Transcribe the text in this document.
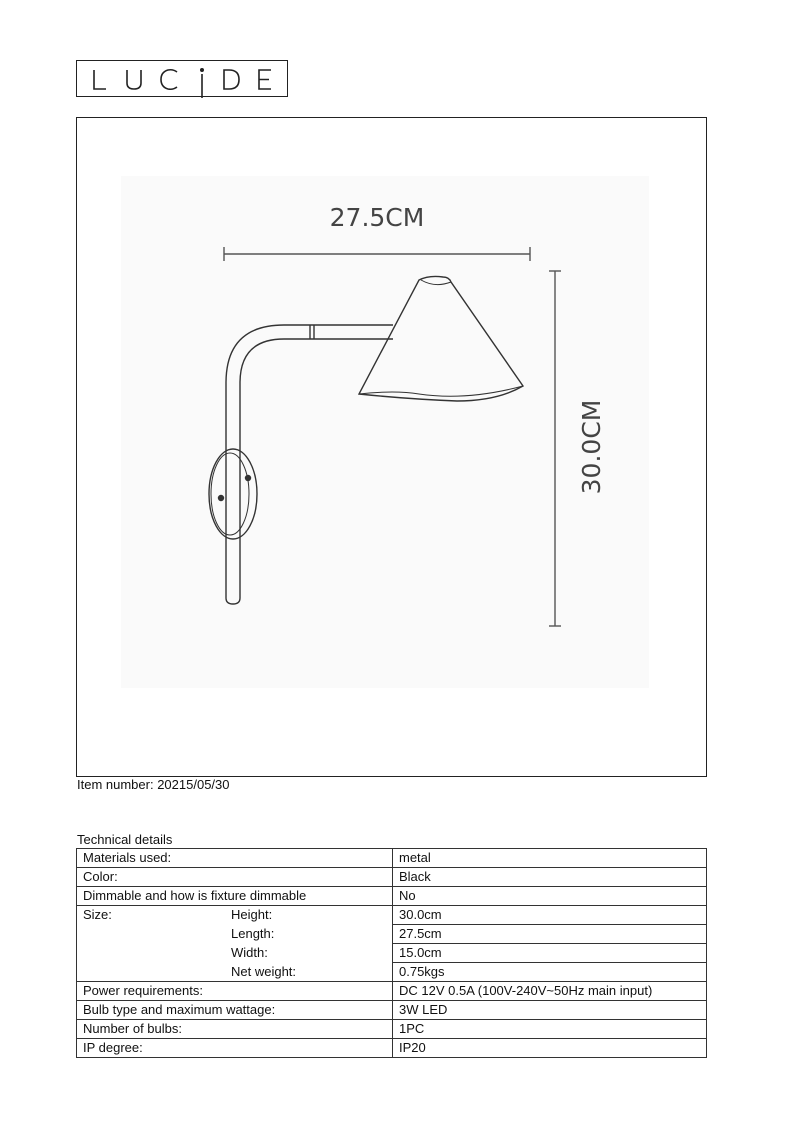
27.5CM
30.0CM
Item number: 20215/05/30
Technical details
Materials used:	metal
Color:	Black
Dimmable and how is fixture dimmable	No
Size: Height:	30.0cm
Length:	27.5cm
Width:	15.0cm
Net weight:	0.75kgs
Power requirements:	DC 12V 0.5A (100V-240V~50Hz main input)
Bulb type and maximum wattage:	3W LED
Number of bulbs:	1PC
IP degree:	IP20
